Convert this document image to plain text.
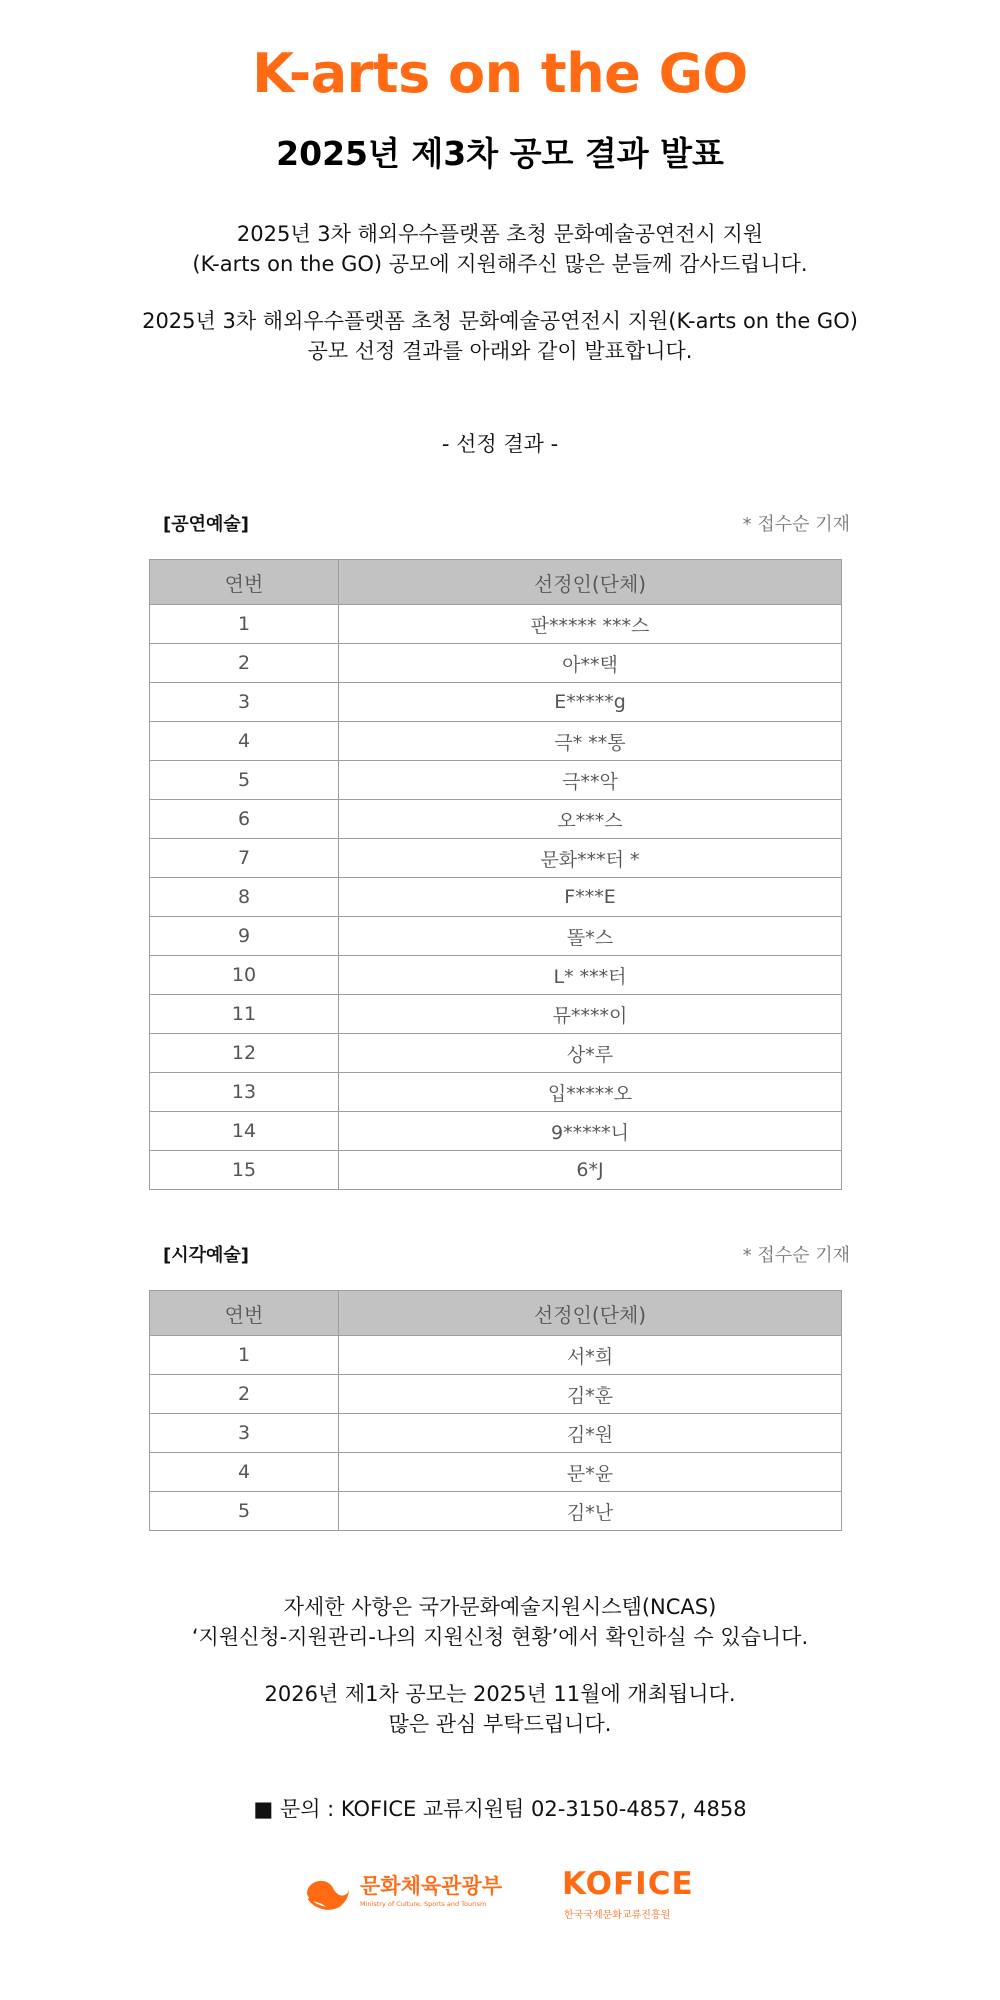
K-arts on the GO
2025년 제3차 공모 결과 발표
2025년 3차 해외우수플랫폼 초청 문화예술공연전시 지원
(K-arts on the GO) 공모에 지원해주신 많은 분들께 감사드립니다.
2025년 3차 해외우수플랫폼 초청 문화예술공연전시 지원(K-arts on the GO)
공모 선정 결과를 아래와 같이 발표합니다.
- 선정 결과 -
[공연예술]	* 접수순 기재
연번	선정인(단체)
1	판***** ***스
2	아**택
3	E*****g
4	극* **통
5	극**악
6	오***스
7	문화***터 *
8	F***E
9	똘*스
10	L* ***터
11	뮤****이
12	상*루
13	입*****오
14	9*****니
15	6*J
[시각예술]	* 접수순 기재
연번	선정인(단체)
1	서*희
2	김*훈
3	김*원
4	문*윤
5	김*난
자세한 사항은 국가문화예술지원시스템(NCAS)
‘지원신청-지원관리-나의 지원신청 현황’에서 확인하실 수 있습니다.
2026년 제1차 공모는 2025년 11월에 개최됩니다.
많은 관심 부탁드립니다.
■ 문의 : KOFICE 교류지원팀 02-3150-4857, 4858
문화체육관광부
Ministry of Culture, Sports and Tourism
KOFICE
한국국제문화교류진흥원
